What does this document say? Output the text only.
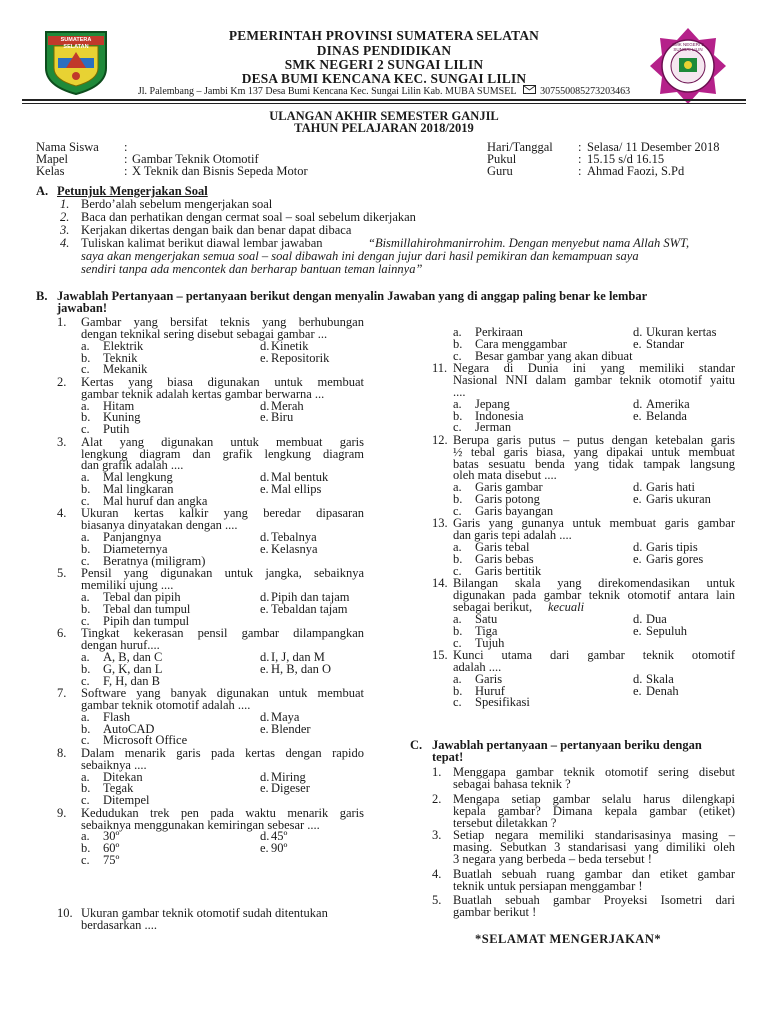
SUMATERA SELATAN	SMK NEGERI 2 SUNGAI LILIN
PEMERINTAH PROVINSI SUMATERA SELATAN
DINAS PENDIDIKAN
SMK NEGERI 2 SUNGAI LILIN
DESA BUMI KENCANA KEC. SUNGAI LILIN
Jl. Palembang – Jambi Km 137 Desa Bumi Kencana Kec. Sungai Lilin Kab. MUBA SUMSEL 307550085273203463
ULANGAN AKHIR SEMESTER GANJIL
TAHUN PELAJARAN 2018/2019
Nama Siswa :
Mapel	: Gambar Teknik Otomotif
Kelas	: X Teknik dan Bisnis Sepeda Motor
Hari/Tanggal : Selasa/ 11 Desember 2018
Pukul	: 15.15 s/d 16.15
Guru	: Ahmad Faozi, S.Pd
A. Petunjuk Mengerjakan Soal
1. Berdo’alah sebelum mengerjakan soal
2. Baca dan perhatikan dengan cermat soal – soal sebelum dikerjakan
3. Kerjakan dikertas dengan baik dan benar dapat dibaca
4. Tuliskan kalimat berikut diawal lembar jawaban	“Bismillahirohmanirrohim. Dengan menyebut nama Allah SWT,
saya akan mengerjakan semua soal – soal dibawah ini dengan jujur dari hasil pemikiran dan kemampuan saya
sendiri tanpa ada mencontek dan berharap bantuan teman lainnya”
B. Jawablah Pertanyaan – pertanyaan berikut dengan menyalin Jawaban yang di anggap paling benar ke lembar
jawaban!
1. Gambar yang bersifat teknis yang berhubungan
dengan teknikal sering disebut sebagai gambar ...
a. Elektrik	d. Kinetik
b. Teknik	e. Repositorik
c. Mekanik
2. Kertas yang biasa digunakan untuk membuat
gambar teknik adalah kertas gambar berwarna ...
a. Hitam	d. Merah
b. Kuning	e. Biru
c. Putih
3. Alat yang digunakan untuk membuat garis
lengkung diagram dan grafik lengkung diagram
dan grafik adalah ....
a. Mal lengkung	d. Mal bentuk
b. Mal lingkaran	e. Mal ellips
c. Mal huruf dan angka
4. Ukuran kertas kalkir yang beredar dipasaran
biasanya dinyatakan dengan ....
a. Panjangnya	d. Tebalnya
b. Diameternya	e. Kelasnya
c. Beratnya (miligram)
5. Pensil yang digunakan untuk jangka, sebaiknya
memiliki ujung ....
a. Tebal dan pipih	d. Pipih dan tajam
b. Tebal dan tumpul	e. Tebaldan tajam
c. Pipih dan tumpul
6. Tingkat kekerasan pensil gambar dilampangkan
dengan huruf....
a. A, B, dan C	d. I, J, dan M
b. G, K, dan L	e. H, B, dan O
c. F, H, dan B
7. Software yang banyak digunakan untuk membuat
gambar teknik otomotif adalah ....
a. Flash	d. Maya
b. AutoCAD	e. Blender
c. Microsoft Office
8. Dalam menarik garis pada kertas dengan rapido
sebaiknya ....
a. Ditekan	d. Miring
b. Tegak	e. Digeser
c. Ditempel
9. Kedudukan trek pen pada waktu menarik garis
sebaiknya menggunakan kemiringan sebesar ....
a. 30º	d. 45º
b. 60º	e. 90º
c. 75º
10. Ukuran gambar teknik otomotif sudah ditentukan
berdasarkan ....
a. Perkiraan	d. Ukuran kertas
b. Cara menggambar	e. Standar
c. Besar gambar yang akan dibuat
11. Negara di Dunia ini yang memiliki standar
Nasional NNI dalam gambar teknik otomotif yaitu
....
a. Jepang	d. Amerika
b. Indonesia	e. Belanda
c. Jerman
12. Berupa garis putus – putus dengan ketebalan garis
½ tebal garis biasa, yang dipakai untuk membuat
batas sesuatu benda yang tidak tampak langsung
oleh mata disebut ....
a. Garis gambar	d. Garis hati
b. Garis potong	e. Garis ukuran
c. Garis bayangan
13. Garis yang gunanya untuk membuat garis gambar
dan garis tepi adalah ....
a. Garis tebal	d. Garis tipis
b. Garis bebas	e. Garis gores
c. Garis bertitik
14. Bilangan skala yang direkomendasikan untuk
digunakan pada gambar teknik otomotif antara lain
sebagai berikut, kecuali
a. Satu	d. Dua
b. Tiga	e. Sepuluh
c. Tujuh
15. Kunci utama dari gambar teknik otomotif
adalah ....
a. Garis	d. Skala
b. Huruf	e. Denah
c. Spesifikasi
C. Jawablah pertanyaan – pertanyaan beriku dengan
tepat!
1. Menggapa gambar teknik otomotif sering disebut
sebagai bahasa teknik ?
2. Mengapa setiap gambar selalu harus dilengkapi
kepala gambar? Dimana kepala gambar (etiket)
tersebut diletakkan ?
3. Setiap negara memiliki standarisasinya masing –
masing. Sebutkan 3 standarisasi yang dimiliki oleh
3 negara yang berbeda – beda tersebut !
4. Buatlah sebuah ruang gambar dan etiket gambar
teknik untuk persiapan menggambar !
5. Buatlah sebuah gambar Proyeksi Isometri dari
gambar berikut !
*SELAMAT MENGERJAKAN*
